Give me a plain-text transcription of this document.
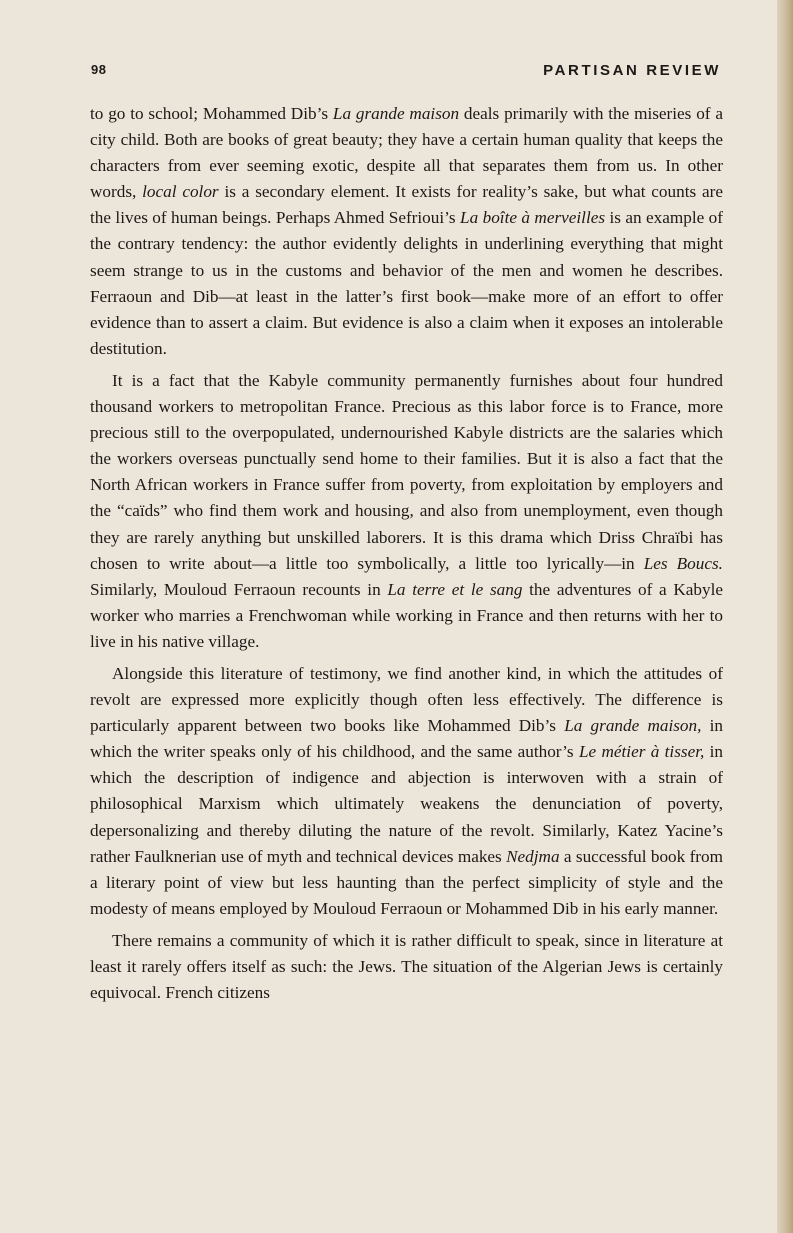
98	PARTISAN REVIEW

to go to school; Mohammed Dib’s La grande maison deals primarily with the miseries of a city child. Both are books of great beauty; they have a certain human quality that keeps the characters from ever seeming exotic, despite all that separates them from us. In other words, local color is a secondary element. It exists for reality’s sake, but what counts are the lives of human beings. Perhaps Ahmed Sefrioui’s La boîte à merveilles is an example of the contrary tendency: the author evidently delights in underlining everything that might seem strange to us in the customs and behavior of the men and women he describes. Ferraoun and Dib—at least in the latter’s first book—make more of an effort to offer evidence than to assert a claim. But evidence is also a claim when it exposes an intolerable destitution.

It is a fact that the Kabyle community permanently furnishes about four hundred thousand workers to metropolitan France. Precious as this labor force is to France, more precious still to the overpopulated, undernourished Kabyle districts are the salaries which the workers overseas punctually send home to their families. But it is also a fact that the North African workers in France suffer from poverty, from exploitation by employers and the “caïds” who find them work and housing, and also from unemployment, even though they are rarely anything but unskilled laborers. It is this drama which Driss Chraïbi has chosen to write about—a little too symbolically, a little too lyrically—in Les Boucs. Similarly, Mouloud Ferraoun recounts in La terre et le sang the adventures of a Kabyle worker who marries a Frenchwoman while working in France and then returns with her to live in his native village.

Alongside this literature of testimony, we find another kind, in which the attitudes of revolt are expressed more explicitly though often less effectively. The difference is particularly apparent between two books like Mohammed Dib’s La grande maison, in which the writer speaks only of his childhood, and the same author’s Le métier à tisser, in which the description of indigence and abjection is interwoven with a strain of philosophical Marxism which ultimately weakens the denunciation of poverty, depersonalizing and thereby diluting the nature of the revolt. Similarly, Katez Yacine’s rather Faulknerian use of myth and technical devices makes Nedjma a successful book from a literary point of view but less haunting than the perfect simplicity of style and the modesty of means employed by Mouloud Ferraoun or Mohammed Dib in his early manner.

There remains a community of which it is rather difficult to speak, since in literature at least it rarely offers itself as such: the Jews. The situation of the Algerian Jews is certainly equivocal. French citizens
